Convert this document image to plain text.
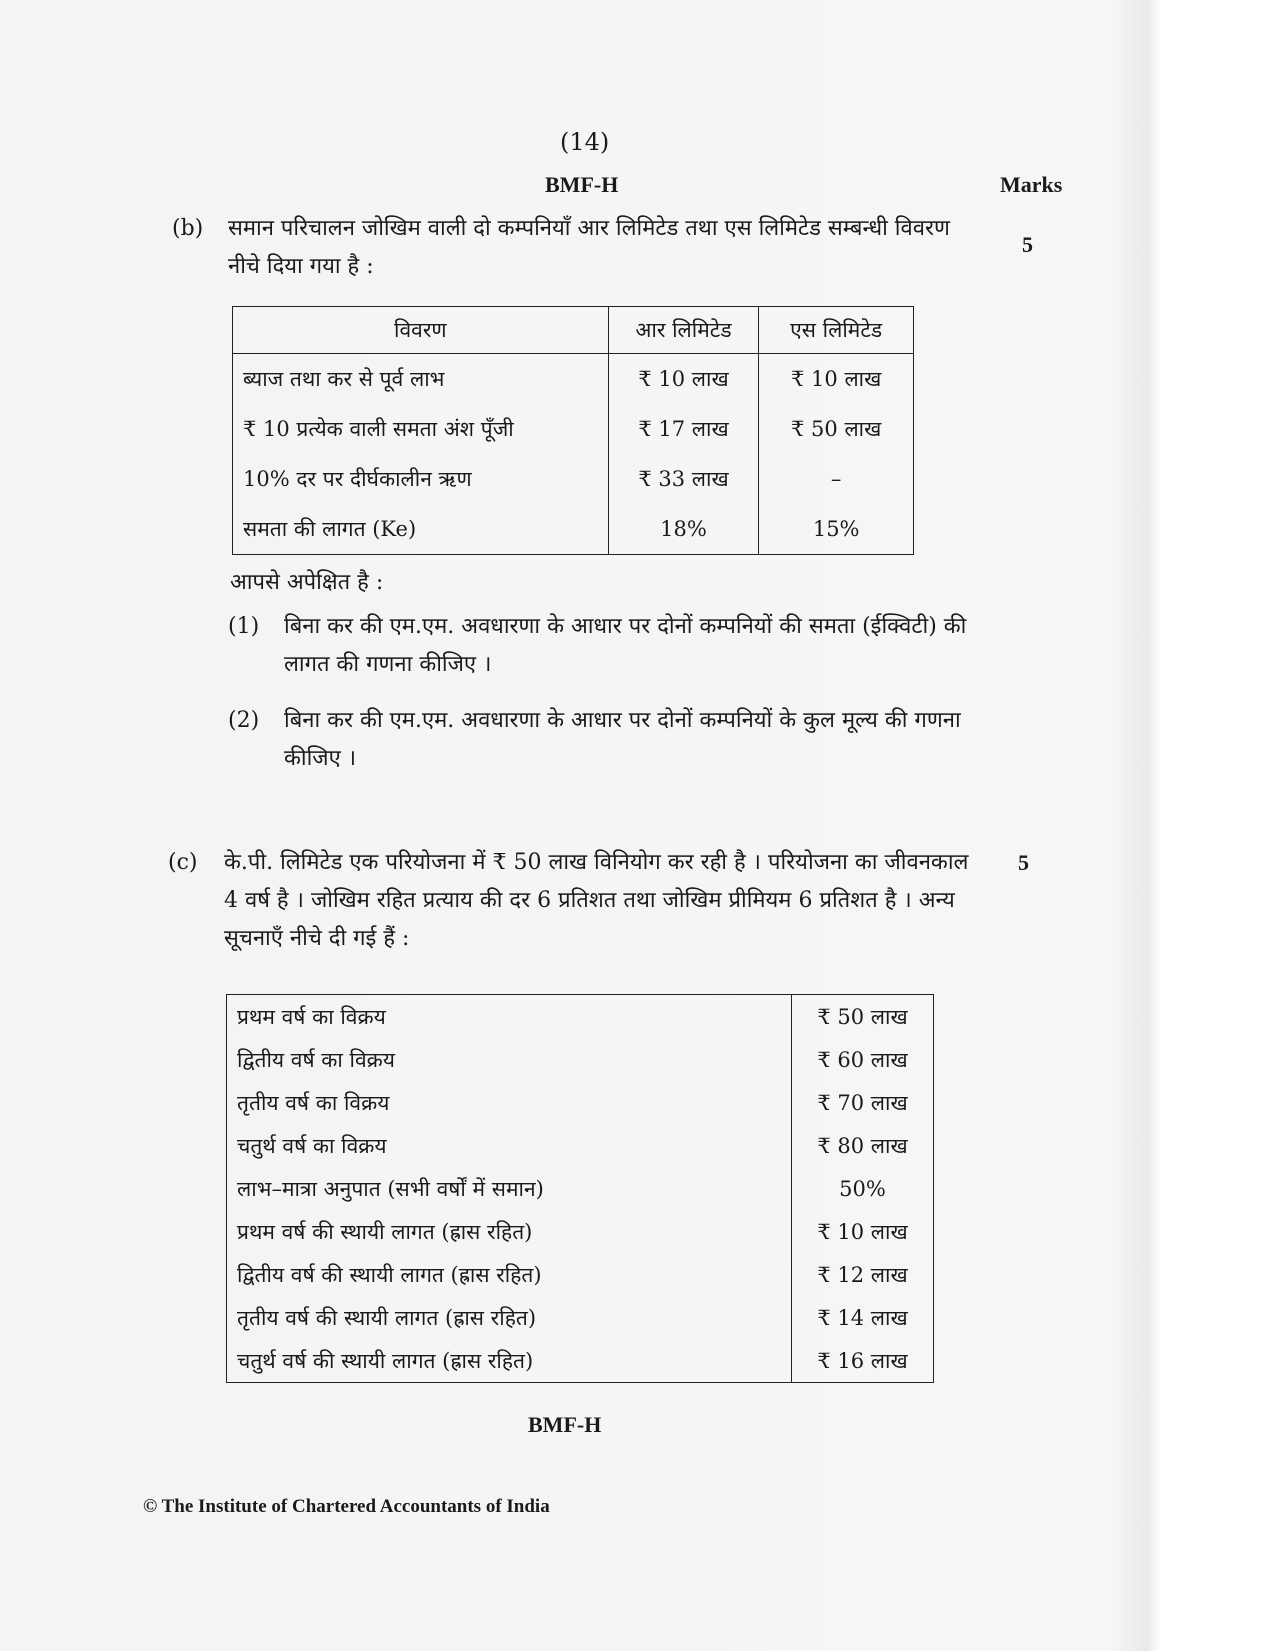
(14)
BMF-H	Marks
(b)
5
समान परिचालन जोखिम वाली दो कम्पनियाँ आर लिमिटेड तथा एस लिमिटेड सम्बन्धी विवरण नीचे दिया गया है :
विवरण	आर लिमिटेड	एस लिमिटेड
ब्याज तथा कर से पूर्व लाभ	₹ 10 लाख	₹ 10 लाख
₹ 10 प्रत्येक वाली समता अंश पूँजी	₹ 17 लाख	₹ 50 लाख
10% दर पर दीर्घकालीन ऋण	₹ 33 लाख	–
समता की लागत (Ke)	18%	15%
आपसे अपेक्षित है :
(1) बिना कर की एम.एम. अवधारणा के आधार पर दोनों कम्पनियों की समता (ईक्विटी) की लागत की गणना कीजिए ।
(2) बिना कर की एम.एम. अवधारणा के आधार पर दोनों कम्पनियों के कुल मूल्य की गणना कीजिए ।
(c)	5
के.पी. लिमिटेड एक परियोजना में ₹ 50 लाख विनियोग कर रही है । परियोजना का जीवनकाल 4 वर्ष है । जोखिम रहित प्रत्याय की दर 6 प्रतिशत तथा जोखिम प्रीमियम 6 प्रतिशत है । अन्य सूचनाएँ नीचे दी गई हैं :
प्रथम वर्ष का विक्रय	₹ 50 लाख
द्वितीय वर्ष का विक्रय	₹ 60 लाख
तृतीय वर्ष का विक्रय	₹ 70 लाख
चतुर्थ वर्ष का विक्रय	₹ 80 लाख
लाभ–मात्रा अनुपात (सभी वर्षों में समान)	50%
प्रथम वर्ष की स्थायी लागत (ह्रास रहित)	₹ 10 लाख
द्वितीय वर्ष की स्थायी लागत (ह्रास रहित)	₹ 12 लाख
तृतीय वर्ष की स्थायी लागत (ह्रास रहित)	₹ 14 लाख
चतुर्थ वर्ष की स्थायी लागत (ह्रास रहित)	₹ 16 लाख
BMF-H
© The Institute of Chartered Accountants of India
